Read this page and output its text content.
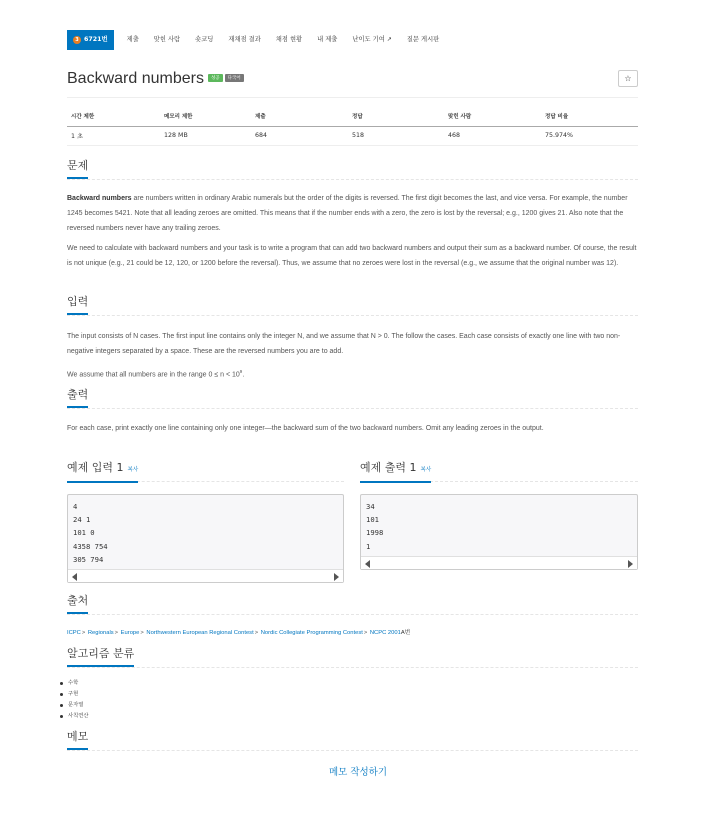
3 6721번	제출 맞힌 사람 숏코딩 재채점 결과 채점 현황 내 제출 난이도 기여 ↗ 질문 게시판
Backward numbers 성공 다국어	☆
시간 제한	메모리 제한	제출	정답	맞힌 사람	정답 비율
1 초	128 MB	684	518	468	75.974%
문제
Backward numbers are numbers written in ordinary Arabic numerals but the order of the digits is reversed. The first digit becomes the last, and vice versa. For example, the number 1245 becomes 5421. Note that all leading zeroes are omitted. This means that if the number ends with a zero, the zero is lost by the reversal; e.g., 1200 gives 21. Also note that the reversed numbers never have any trailing zeroes.
We need to calculate with backward numbers and your task is to write a program that can add two backward numbers and output their sum as a backward number. Of course, the result is not unique (e.g., 21 could be 12, 120, or 1200 before the reversal). Thus, we assume that no zeroes were lost in the reversal (e.g., we assume that the original number was 12).
입력
The input consists of N cases. The first input line contains only the integer N, and we assume that N > 0. The follow the cases. Each case consists of exactly one line with two non-negative integers separated by a space. These are the reversed numbers you are to add.
We assume that all numbers are in the range $0 \le n < 10^9$.
출력
For each case, print exactly one line containing only one integer—the backward sum of the two backward numbers. Omit any leading zeroes in the output.
예제 입력 1 복사	예제 출력 1 복사
4
24 1
101 0
4358 754
305 794
34
101
1998
1
출처
ICPC> Regionals> Europe> Northwestern European Regional Contest> Nordic Collegiate Programming Contest> NCPC 2001A번
알고리즘 분류
수학
구현
문자열
사칙연산
메모
메모 작성하기
